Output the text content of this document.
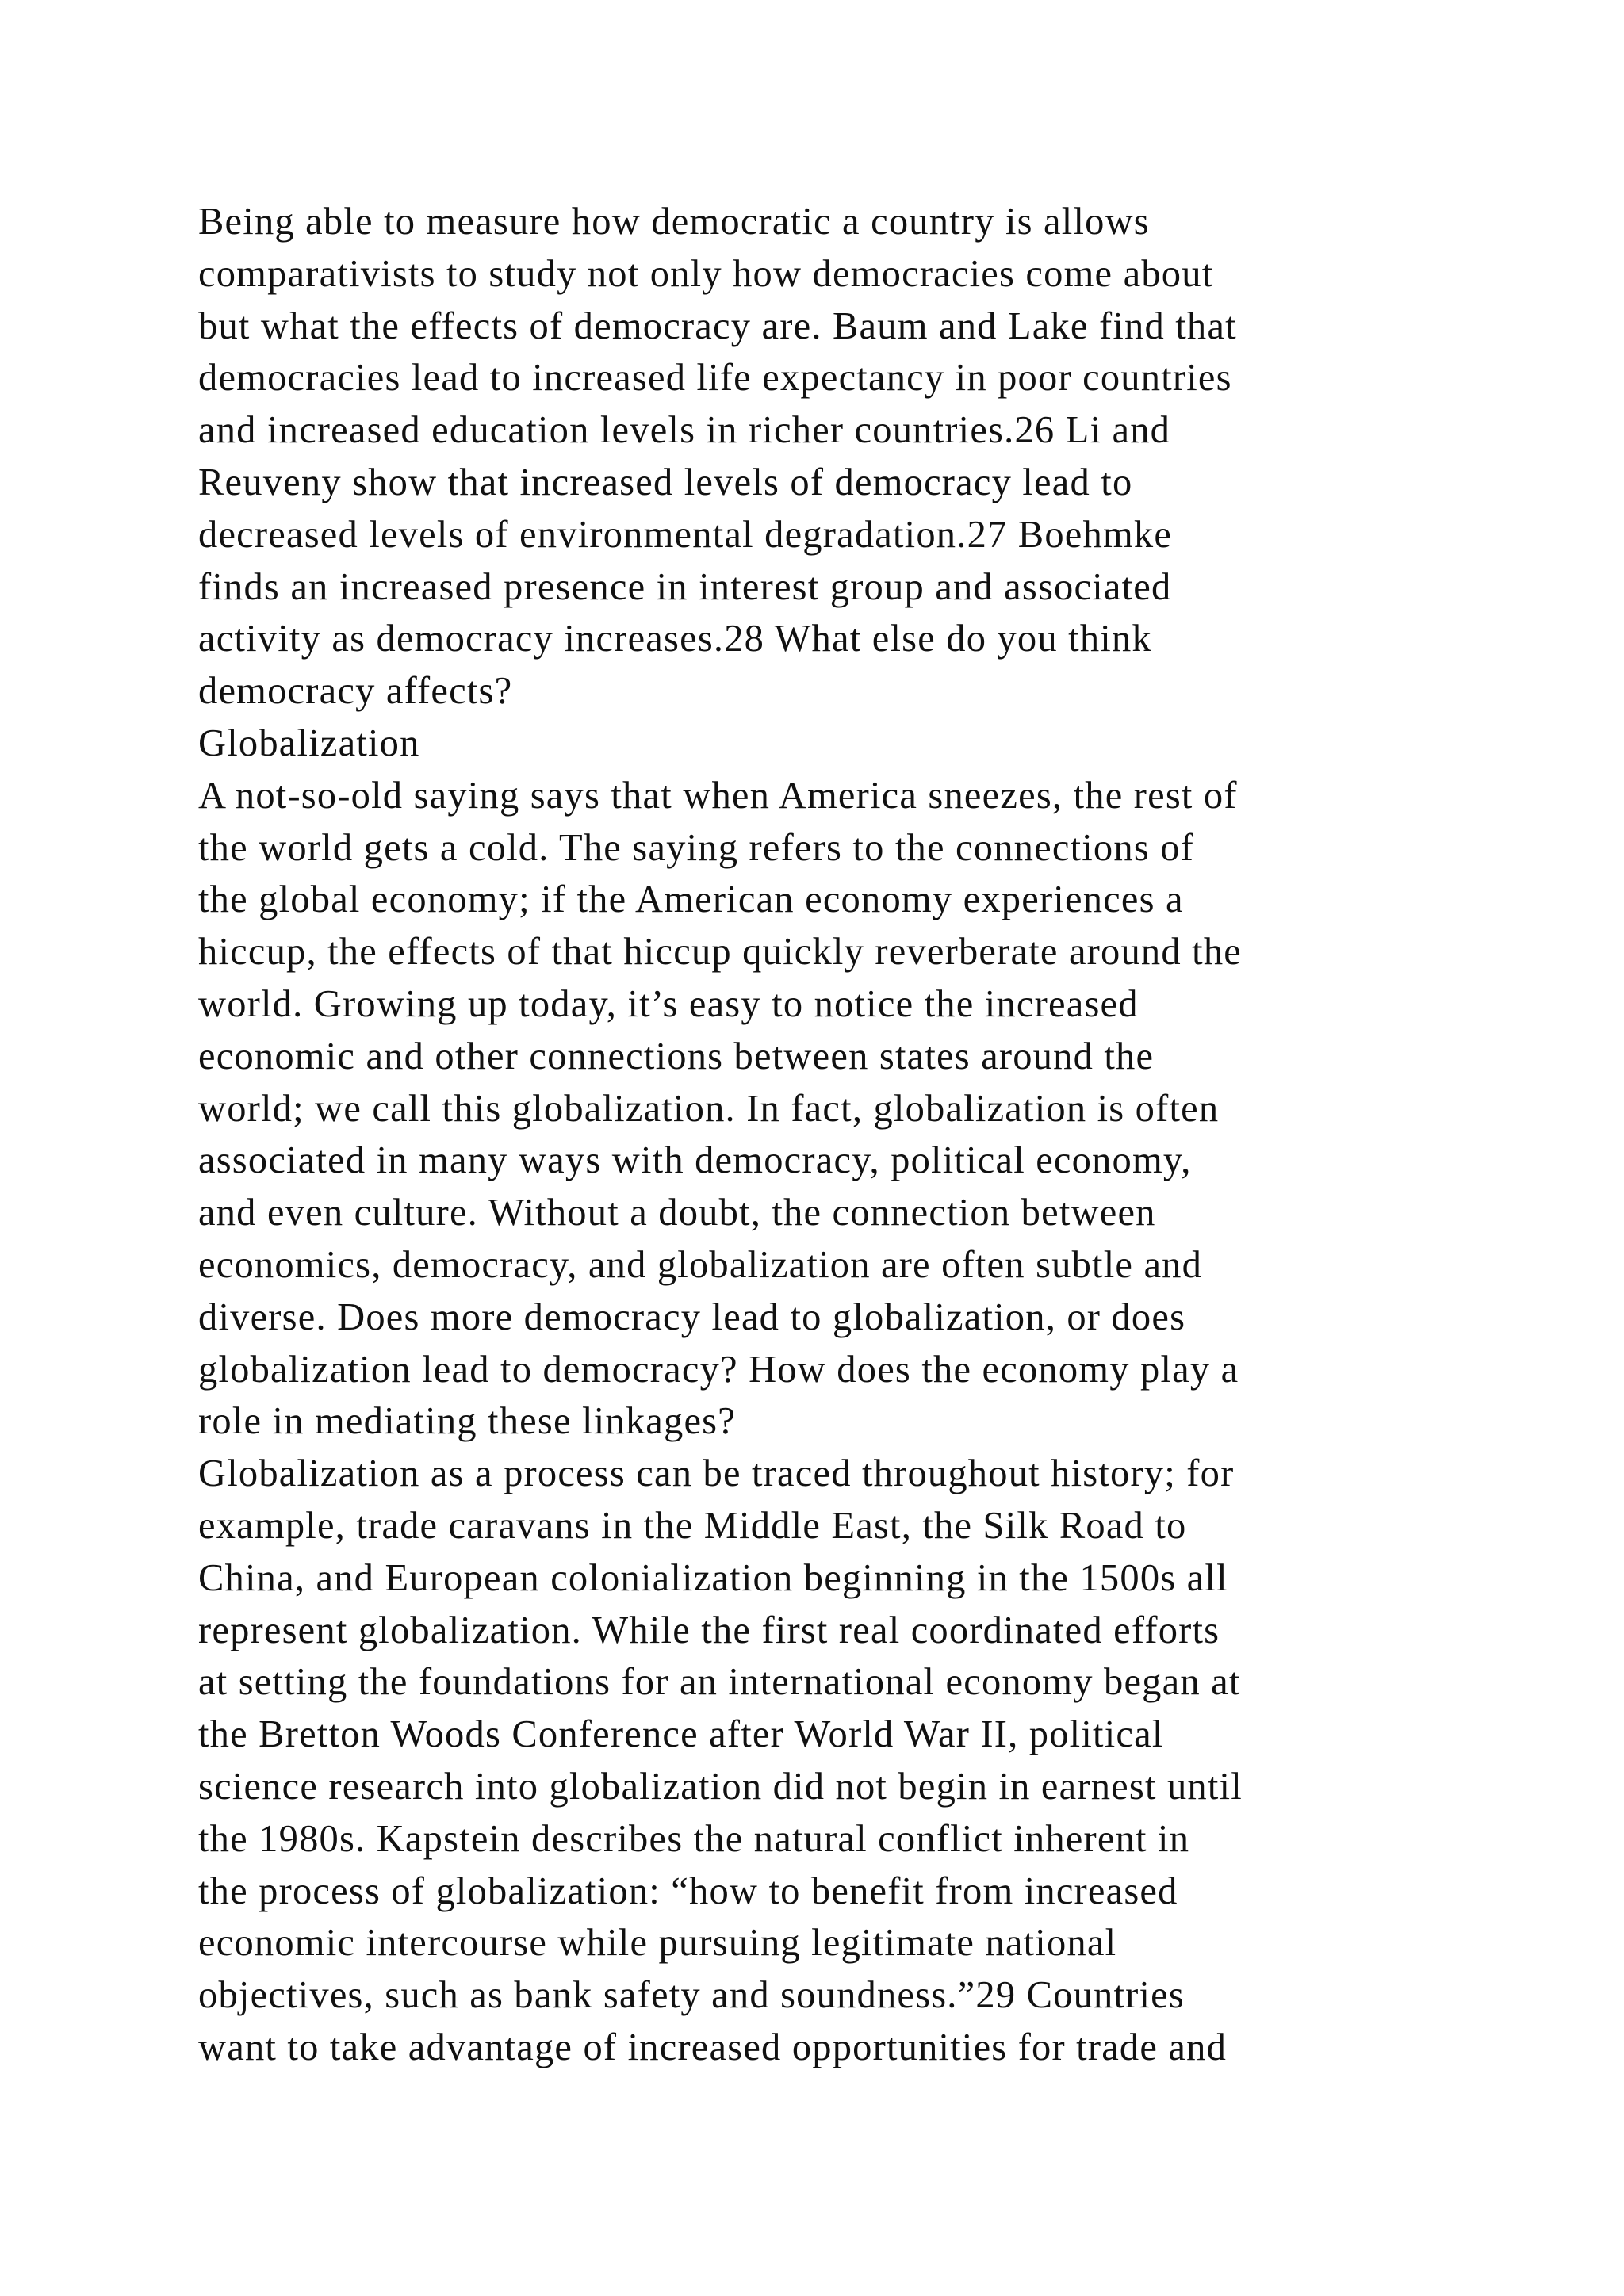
Being able to measure how democratic a country is allows
comparativists to study not only how democracies come about
but what the effects of democracy are. Baum and Lake find that
democracies lead to increased life expectancy in poor countries
and increased education levels in richer countries.26 Li and
Reuveny show that increased levels of democracy lead to
decreased levels of environmental degradation.27 Boehmke
finds an increased presence in interest group and associated
activity as democracy increases.28 What else do you think
democracy affects?
Globalization
A not-so-old saying says that when America sneezes, the rest of
the world gets a cold. The saying refers to the connections of
the global economy; if the American economy experiences a
hiccup, the effects of that hiccup quickly reverberate around the
world. Growing up today, it’s easy to notice the increased
economic and other connections between states around the
world; we call this globalization. In fact, globalization is often
associated in many ways with democracy, political economy,
and even culture. Without a doubt, the connection between
economics, democracy, and globalization are often subtle and
diverse. Does more democracy lead to globalization, or does
globalization lead to democracy? How does the economy play a
role in mediating these linkages?
Globalization as a process can be traced throughout history; for
example, trade caravans in the Middle East, the Silk Road to
China, and European colonialization beginning in the 1500s all
represent globalization. While the first real coordinated efforts
at setting the foundations for an international economy began at
the Bretton Woods Conference after World War II, political
science research into globalization did not begin in earnest until
the 1980s. Kapstein describes the natural conflict inherent in
the process of globalization: “how to benefit from increased
economic intercourse while pursuing legitimate national
objectives, such as bank safety and soundness.”29 Countries
want to take advantage of increased opportunities for trade and
